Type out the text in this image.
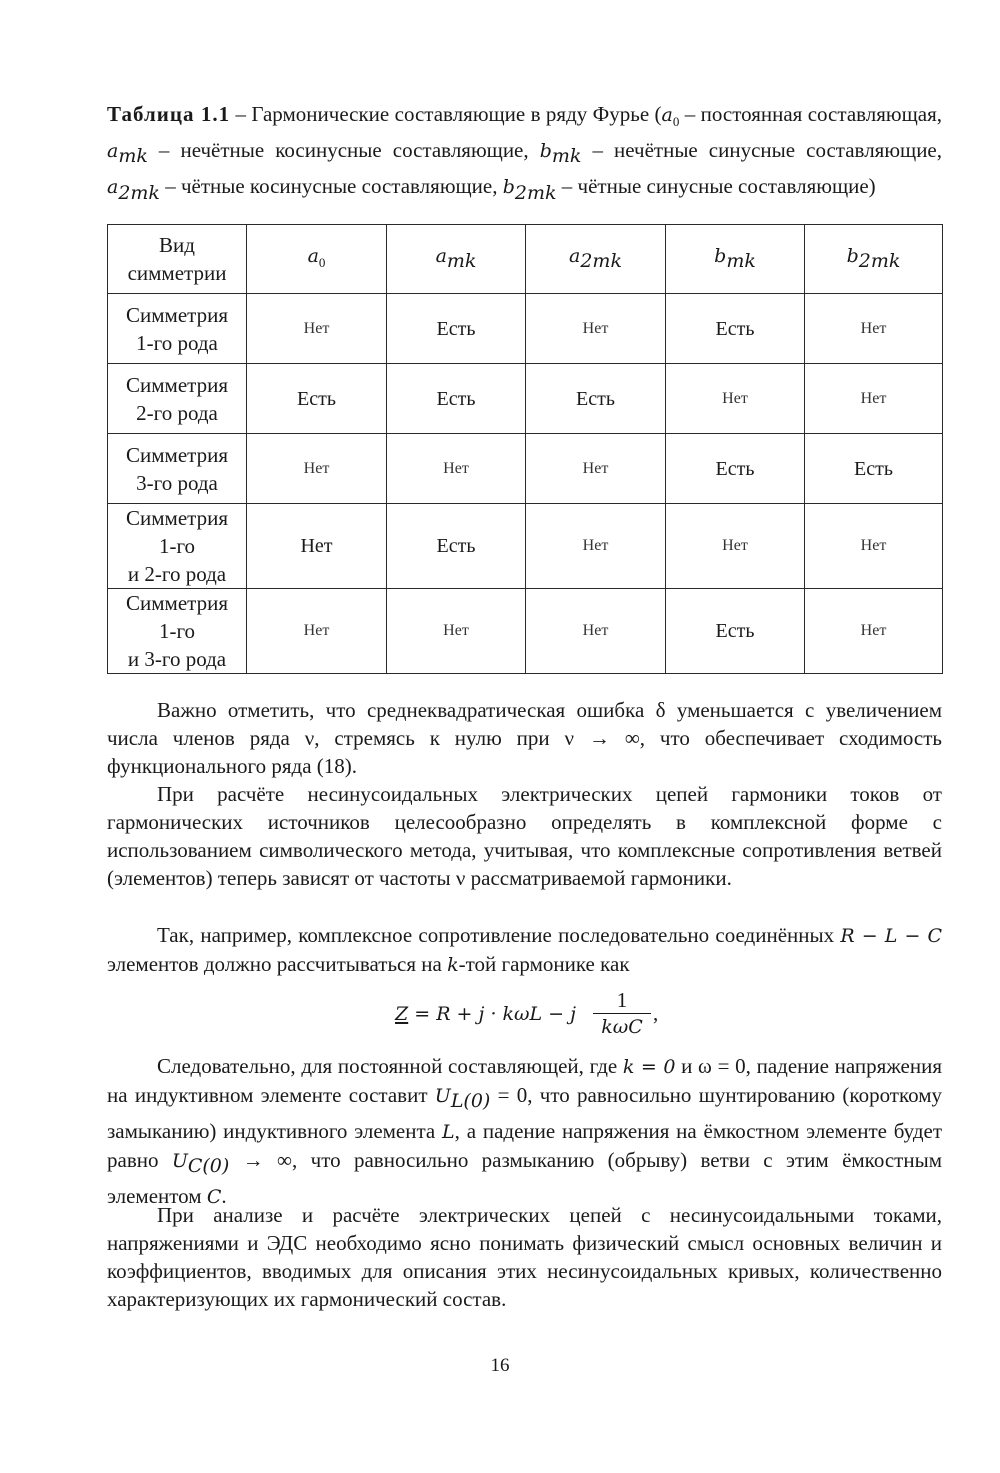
Таблица 1.1 – Гармонические составляющие в ряду Фурье ($a_0$ – постоянная составляющая, $a_{mk}$ – нечётные косинусные составляющие, $b_{mk}$ – нечётные синусные составляющие, $a_{2mk}$ – чётные косинусные составляющие, $b_{2mk}$ – чётные синусные составляющие)

Вид
симметрии	$a_0$	$a_{mk}$	$a_{2mk}$	$b_{mk}$	$b_{2mk}$
Симметрия
1-го рода	Нет	Есть	Нет	Есть	Нет
Симметрия
2-го рода	Есть	Есть	Есть	Нет	Нет
Симметрия
3-го рода	Нет	Нет	Нет	Есть	Есть
Симметрия
1-го
и 2-го рода	Нет	Есть	Нет	Нет	Нет
Симметрия
1-го
и 3-го рода	Нет	Нет	Нет	Есть	Нет

Важно отметить, что среднеквадратическая ошибка δ уменьшается с увеличением числа членов ряда ν, стремясь к нулю при ν → ∞, что обеспечивает сходимость функционального ряда (18).

При расчёте несинусоидальных электрических цепей гармоники токов от гармонических источников целесообразно определять в комплексной форме с использованием символического метода, учитывая, что комплексные сопротивления ветвей (элементов) теперь зависят от частоты ν рассматриваемой гармоники.

Так, например, комплексное сопротивление последовательно соединённых R − L − C элементов должно рассчитываться на k-той гармонике как

Z = R + j · kωL − j
1
kωC
,

Следовательно, для постоянной составляющей, где k = 0 и ω = 0, падение напряжения на индуктивном элементе составит $U_{L(0)} = 0$, что равносильно шунтированию (короткому замыканию) индуктивного элемента L, а падение напряжения на ёмкостном элементе будет равно $U_{C(0)}$ → ∞, что равносильно размыканию (обрыву) ветви с этим ёмкостным элементом C.

При анализе и расчёте электрических цепей с несинусоидальными токами, напряжениями и ЭДС необходимо ясно понимать физический смысл основных величин и коэффициентов, вводимых для описания этих несинусоидальных кривых, количественно характеризующих их гармонический состав.

16
